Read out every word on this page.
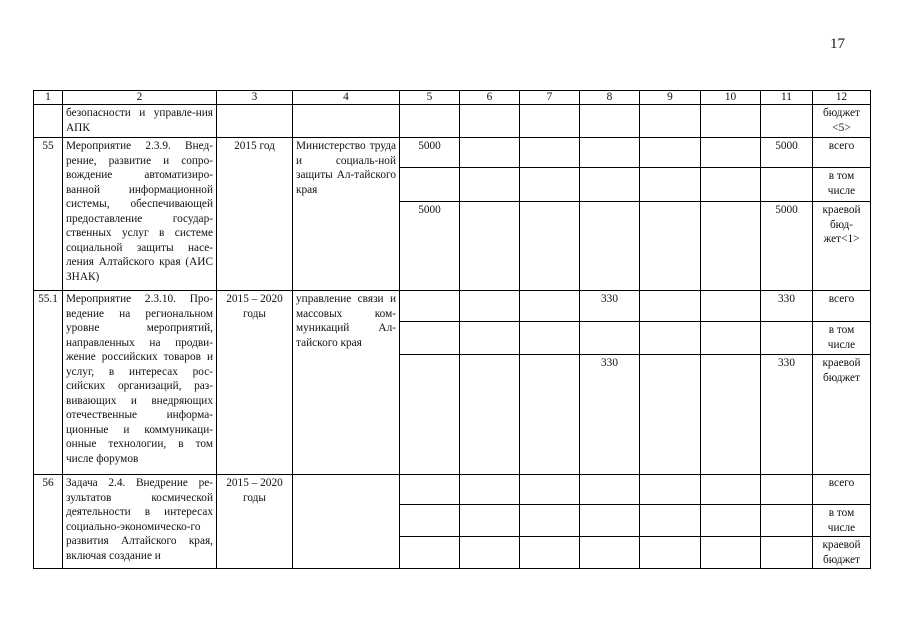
17
1	2	3	4	5	6	7	8	9	10	11	12
	безопасности и управле-ния АПК										бюджет <5>
55	Мероприятие 2.3.9. Внед-рение, развитие и сопро-вождение автоматизиро-ванной информационной системы, обеспечивающей предоставление государ-ственных услуг в системе социальной защиты насе-ления Алтайского края (АИС ЗНАК)	2015 год	Министерство труда и социаль-ной защиты Ал-тайского края	5000						5000	всего
											в том числе
				5000						5000	краевой бюд-жет<1>
55.1	Мероприятие 2.3.10. Про-ведение на региональном уровне мероприятий, направленных на продви-жение российских товаров и услуг, в интересах рос-сийских организаций, раз-вивающих и внедряющих отечественные информа-ционные и коммуникаци-онные технологии, в том числе форумов	2015 – 2020 годы	управление связи и массовых ком-муникаций Ал-тайского края				330			330	всего
											в том числе
							330			330	краевой бюджет
56	Задача 2.4. Внедрение ре-зультатов космической деятельности в интересах социально-экономическо-го развития Алтайского края, включая создание и	2015 – 2020 годы									всего
											в том числе
											краевой бюджет
